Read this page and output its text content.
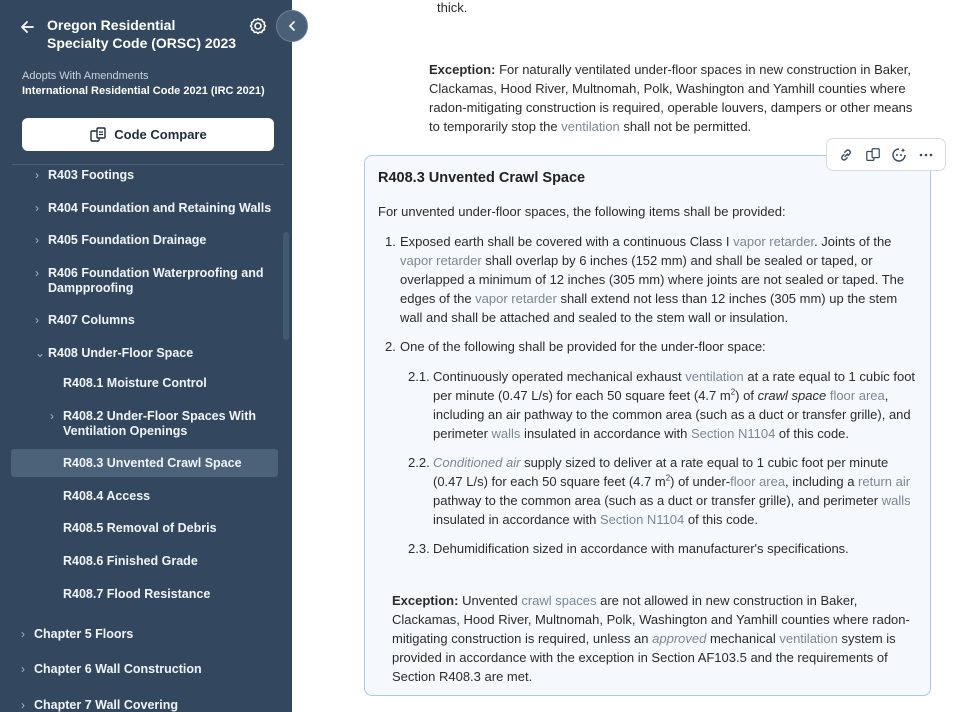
Oregon Residential Specialty Code (ORSC) 2023
Adopts With Amendments
International Residential Code 2021 (IRC 2021)
Code Compare
› R403 Footings
› R404 Foundation and Retaining Walls
› R405 Foundation Drainage
› R406 Foundation Waterproofing and Dampproofing
› R407 Columns
⌄ R408 Under-Floor Space
R408.1 Moisture Control
› R408.2 Under-Floor Spaces With Ventilation Openings
R408.3 Unvented Crawl Space
R408.4 Access
R408.5 Removal of Debris
R408.6 Finished Grade
R408.7 Flood Resistance
› Chapter 5 Floors
› Chapter 6 Wall Construction
› Chapter 7 Wall Covering
thick.
Exception: For naturally ventilated under-floor spaces in new construction in Baker, Clackamas, Hood River, Multnomah, Polk, Washington and Yamhill counties where radon-mitigating construction is required, operable louvers, dampers or other means to temporarily stop the ventilation shall not be permitted.
R408.3 Unvented Crawl Space
For unvented under-floor spaces, the following items shall be provided:
1. Exposed earth shall be covered with a continuous Class I vapor retarder. Joints of the vapor retarder shall overlap by 6 inches (152 mm) and shall be sealed or taped, or overlapped a minimum of 12 inches (305 mm) where joints are not sealed or taped. The edges of the vapor retarder shall extend not less than 12 inches (305 mm) up the stem wall and shall be attached and sealed to the stem wall or insulation.
2. One of the following shall be provided for the under-floor space:
2.1. Continuously operated mechanical exhaust ventilation at a rate equal to 1 cubic foot per minute (0.47 L/s) for each 50 square feet (4.7 $m^2$) of crawl space floor area, including an air pathway to the common area (such as a duct or transfer grille), and perimeter walls insulated in accordance with Section N1104 of this code.
2.2. Conditioned air supply sized to deliver at a rate equal to 1 cubic foot per minute (0.47 L/s) for each 50 square feet (4.7 $m^2$) of under-floor area, including a return air pathway to the common area (such as a duct or transfer grille), and perimeter walls insulated in accordance with Section N1104 of this code.
2.3. Dehumidification sized in accordance with manufacturer's specifications.
Exception: Unvented crawl spaces are not allowed in new construction in Baker, Clackamas, Hood River, Multnomah, Polk, Washington and Yamhill counties where radon-mitigating construction is required, unless an approved mechanical ventilation system is provided in accordance with the exception in Section AF103.5 and the requirements of Section R408.3 are met.
